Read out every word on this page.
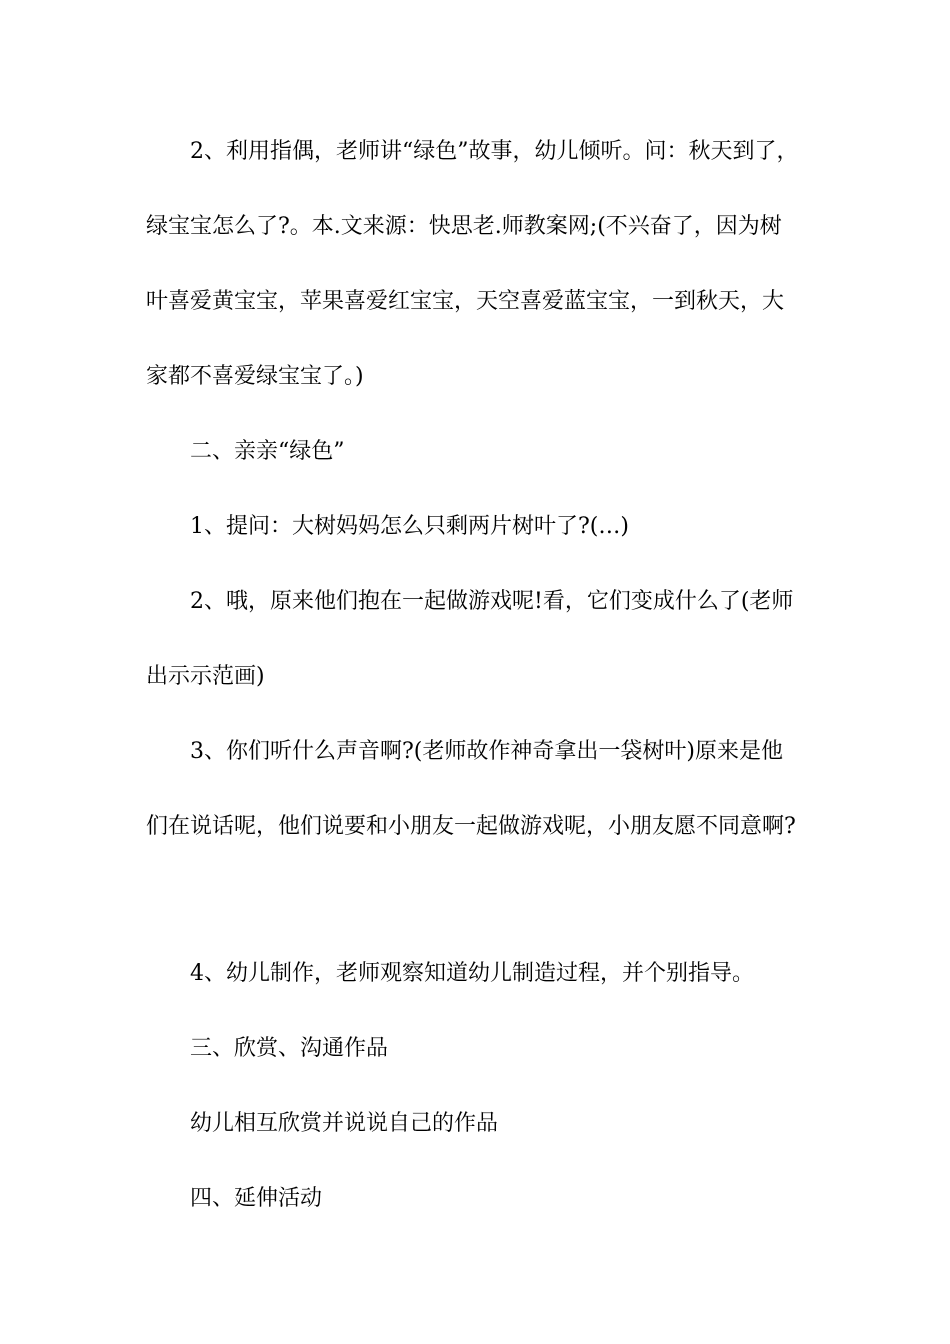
2、利用指偶，老师讲“绿色”故事，幼儿倾听。问：秋天到了，
绿宝宝怎么了?。本.文来源：快思老.师教案网;(不兴奋了，因为树
叶喜爱黄宝宝，苹果喜爱红宝宝，天空喜爱蓝宝宝，一到秋天，大
家都不喜爱绿宝宝了。)
二、亲亲“绿色”
1、提问：大树妈妈怎么只剩两片树叶了?(…)
2、哦，原来他们抱在一起做游戏呢!看，它们变成什么了(老师
出示示范画)
3、你们听什么声音啊?(老师故作神奇拿出一袋树叶)原来是他
们在说话呢，他们说要和小朋友一起做游戏呢，小朋友愿不同意啊?
4、幼儿制作，老师观察知道幼儿制造过程，并个别指导。
三、欣赏、沟通作品
幼儿相互欣赏并说说自己的作品
四、延伸活动
